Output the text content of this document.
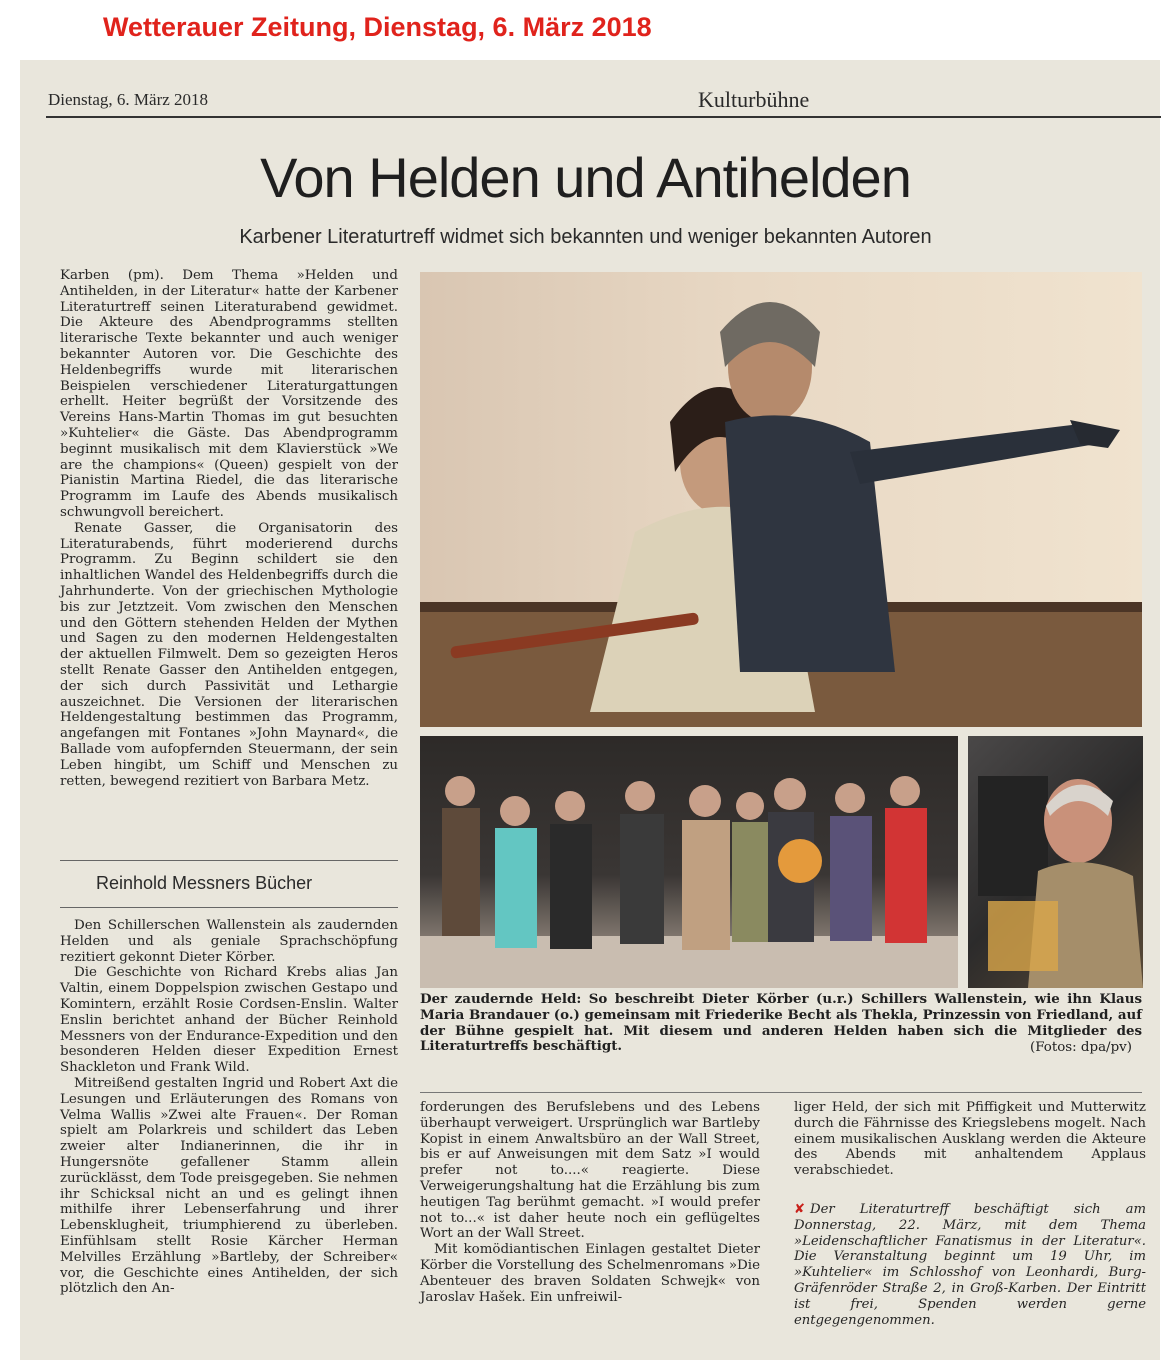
Wetterauer Zeitung, Dienstag, 6. März 2018
Dienstag, 6. März 2018	Kulturbühne
Von Helden und Antihelden
Karbener Literaturtreff widmet sich bekannten und weniger bekannten Autoren

Karben (pm). Dem Thema »Helden und Antihelden, in der Literatur« hatte der Karbener Literaturtreff seinen Literaturabend gewidmet. Die Akteure des Abendprogramms stellten literarische Texte bekannter und auch weniger bekannter Autoren vor. Die Geschichte des Heldenbegriffs wurde mit literarischen Beispielen verschiedener Literaturgattungen erhellt. Heiter begrüßt der Vorsitzende des Vereins Hans-Martin Thomas im gut besuchten »Kuhtelier« die Gäste. Das Abendprogramm beginnt musikalisch mit dem Klavierstück »We are the champions« (Queen) gespielt von der Pianistin Martina Riedel, die das literarische Programm im Laufe des Abends musikalisch schwungvoll bereichert.

Renate Gasser, die Organisatorin des Literaturabends, führt moderierend durchs Programm. Zu Beginn schildert sie den inhaltlichen Wandel des Heldenbegriffs durch die Jahrhunderte. Von der griechischen Mythologie bis zur Jetztzeit. Vom zwischen den Menschen und den Göttern stehenden Helden der Mythen und Sagen zu den modernen Heldengestalten der aktuellen Filmwelt. Dem so gezeigten Heros stellt Renate Gasser den Antihelden entgegen, der sich durch Passivität und Lethargie auszeichnet. Die Versionen der literarischen Heldengestaltung bestimmen das Programm, angefangen mit Fontanes »John Maynard«, die Ballade vom aufopfernden Steuermann, der sein Leben hingibt, um Schiff und Menschen zu retten, bewegend rezitiert von Barbara Metz.

Reinhold Messners Bücher

Den Schillerschen Wallenstein als zaudernden Helden und als geniale Sprachschöpfung rezitiert gekonnt Dieter Körber.

Die Geschichte von Richard Krebs alias Jan Valtin, einem Doppelspion zwischen Gestapo und Komintern, erzählt Rosie Cordsen-Enslin. Walter Enslin berichtet anhand der Bücher Reinhold Messners von der Endurance-Expedition und den besonderen Helden dieser Expedition Ernest Shackleton und Frank Wild.

Mitreißend gestalten Ingrid und Robert Axt die Lesungen und Erläuterungen des Romans von Velma Wallis »Zwei alte Frauen«. Der Roman spielt am Polarkreis und schildert das Leben zweier alter Indianerinnen, die ihr in Hungersnöte gefallener Stamm allein zurücklässt, dem Tode preisgegeben. Sie nehmen ihr Schicksal nicht an und es gelingt ihnen mithilfe ihrer Lebenserfahrung und ihrer Lebensklugheit, triumphierend zu überleben. Einfühlsam stellt Rosie Kärcher Herman Melvilles Erzählung »Bartleby, der Schreiber« vor, die Geschichte eines Antihelden, der sich plötzlich den An-

Der zaudernde Held: So beschreibt Dieter Körber (u.r.) Schillers Wallenstein, wie ihn Klaus Maria Brandauer (o.) gemeinsam mit Friederike Becht als Thekla, Prinzessin von Friedland, auf der Bühne gespielt hat. Mit diesem und anderen Helden haben sich die Mitglieder des Literaturtreffs beschäftigt.	(Fotos: dpa/pv)

forderungen des Berufslebens und des Lebens überhaupt verweigert. Ursprünglich war Bartleby Kopist in einem Anwaltsbüro an der Wall Street, bis er auf Anweisungen mit dem Satz »I would prefer not to....« reagierte. Diese Verweigerungshaltung hat die Erzählung bis zum heutigen Tag berühmt gemacht. »I would prefer not to...« ist daher heute noch ein geflügeltes Wort an der Wall Street.

Mit komödiantischen Einlagen gestaltet Dieter Körber die Vorstellung des Schelmenromans »Die Abenteuer des braven Soldaten Schwejk« von Jaroslav Hašek. Ein unfreiwil-

liger Held, der sich mit Pfiffigkeit und Mutterwitz durch die Fährnisse des Kriegslebens mogelt. Nach einem musikalischen Ausklang werden die Akteure des Abends mit anhaltendem Applaus verabschiedet.

✘ Der Literaturtreff beschäftigt sich am Donnerstag, 22. März, mit dem Thema »Leidenschaftlicher Fanatismus in der Literatur«. Die Veranstaltung beginnt um 19 Uhr, im »Kuhtelier« im Schlosshof von Leonhardi, Burg-Gräfenröder Straße 2, in Groß-Karben. Der Eintritt ist frei, Spenden werden gerne entgegengenommen.
